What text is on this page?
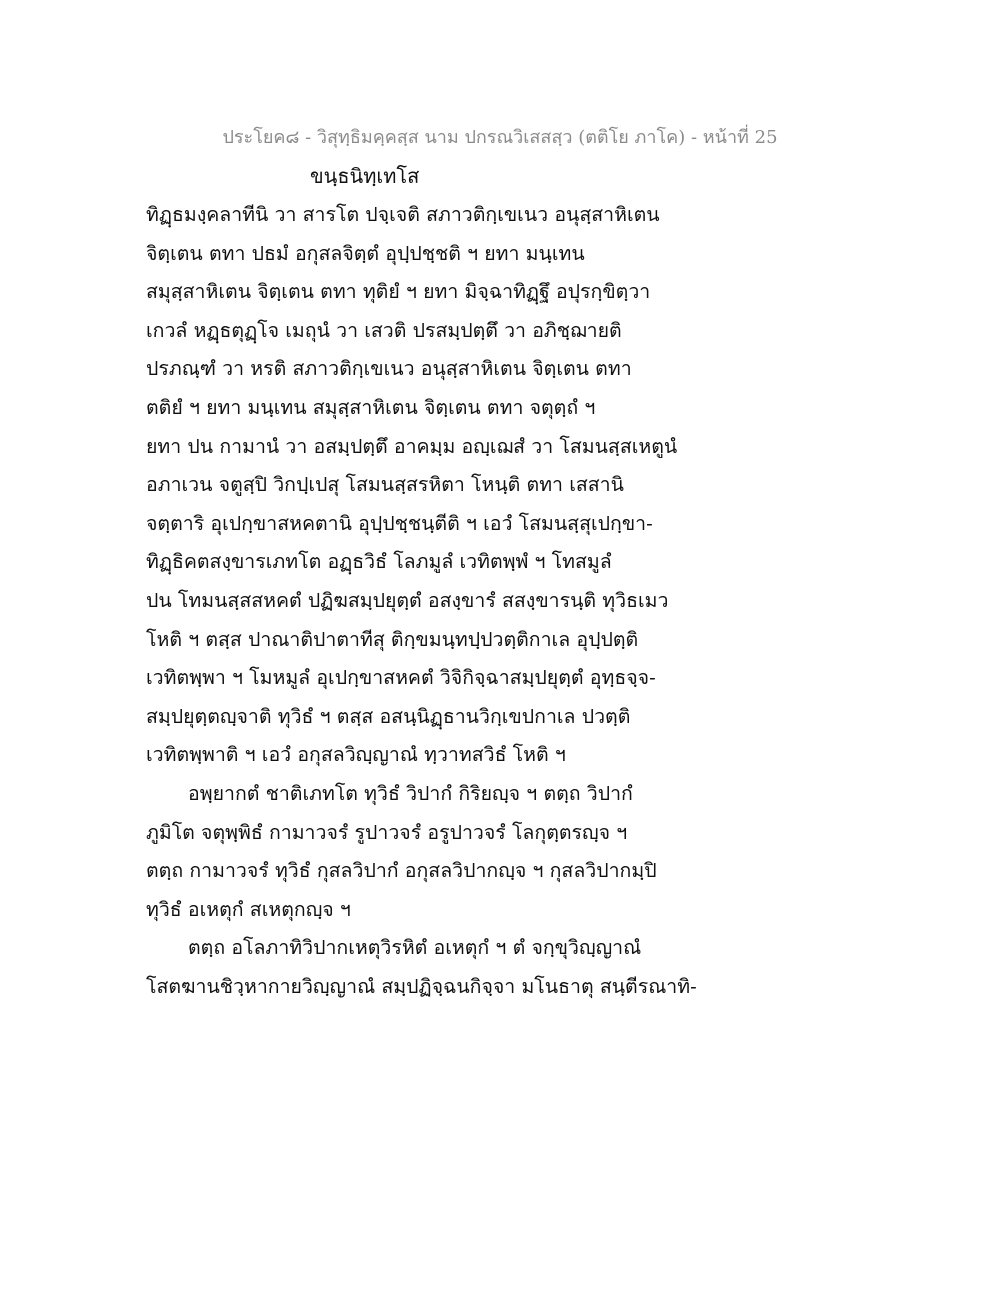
ประโยค๘ - วิสุทฺธิมคฺคสฺส นาม ปกรณวิเสสสฺว (ตติโย ภาโค) - หน้าที่ 25
ขนฺธนิทฺเทโส
ทิฏฺธมงฺคลาทีนิ วา สารโต ปจฺเจติ สภาวติกฺเขเนว อนุสฺสาหิเตน
จิตฺเตน ตทา ปธมํ อกุสลจิตฺตํ อุปฺปชฺชติ ฯ ยทา มนฺเทน
สมุสฺสาหิเตน จิตฺเตน ตทา ทุติยํ ฯ ยทา มิจฺฉาทิฏฺฐึ อปุรกฺขิตฺวา
เกวลํ หฏฺธตุฏฺโจ เมถุนํ วา เสวติ ปรสมฺปตฺตึ วา อภิชฺฌายติ
ปรภณฺฑํ วา หรติ สภาวติกฺเขเนว อนุสฺสาหิเตน จิตฺเตน ตทา
ตติยํ ฯ ยทา มนฺเทน สมุสฺสาหิเตน จิตฺเตน ตทา จตุตฺถํ ฯ
ยทา ปน กามานํ วา อสมฺปตฺตึ อาคมฺม อญฺเฌสํ วา โสมนสฺสเหตูนํ
อภาเวน จตูสฺปิ วิกปฺเปสุ โสมนสฺสรหิตา โหนฺติ ตทา เสสานิ
จตฺตาริ อุเปกฺขาสหคตานิ อุปฺปชฺชนฺตีติ ฯ เอวํ โสมนสฺสุเปกฺขา-
ทิฏฺธิคตสงฺขารเภทโต อฏฺธวิธํ โลภมูลํ เวทิตพฺพํ ฯ โทสมูลํ
ปน โทมนสฺสสหคตํ ปฏิฆสมฺปยุตฺตํ อสงฺขารํ สสงฺขารนฺติ ทุวิธเมว
โหติ ฯ ตสฺส ปาณาติปาตาทีสุ ติกฺขมนฺทปฺปวตฺติกาเล อุปฺปตฺติ
เวทิตพฺพา ฯ โมหมูลํ อุเปกฺขาสหคตํ วิจิกิจฺฉาสมฺปยุตฺตํ อุทฺธจฺจ-
สมฺปยุตฺตญฺจาติ ทุวิธํ ฯ ตสฺส อสนฺนิฏฺธานวิกฺเขปกาเล ปวตฺติ
เวทิตพฺพาติ ฯ เอวํ อกุสลวิญฺญาณํ ทฺวาทสวิธํ โหติ ฯ
อพฺยากตํ ชาติเภทโต ทุวิธํ วิปากํ กิริยญฺจ ฯ ตตฺถ วิปากํ
ภูมิโต จตุพฺพิธํ กามาวจรํ รูปาวจรํ อรูปาวจรํ โลกุตฺตรญฺจ ฯ
ตตฺถ กามาวจรํ ทุวิธํ กุสลวิปากํ อกุสลวิปากญฺจ ฯ กุสลวิปากมฺปิ
ทุวิธํ อเหตุกํ สเหตุกญฺจ ฯ
ตตฺถ อโลภาทิวิปากเหตุวิรหิตํ อเหตุกํ ฯ ตํ จกฺขุวิญฺญาณํ
โสตฆานชิวฺหากายวิญฺญาณํ สมฺปฏิจฺฉนกิจฺจา มโนธาตุ สนฺตีรณาทิ-
